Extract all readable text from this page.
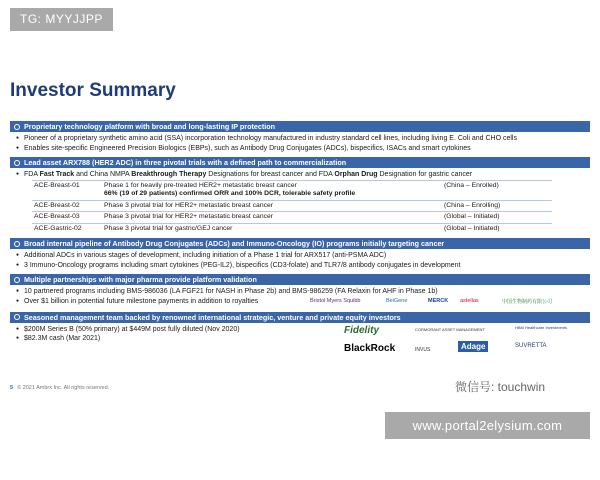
TG: MYYJJPP
Investor Summary
Proprietary technology platform with broad and long-lasting IP protection
● Pioneer of a proprietary synthetic amino acid (SSA) incorporation technology manufactured in industry standard cell lines, including living E. Coli and CHO cells
● Enables site-specific Engineered Precision Biologics (EBPs), such as Antibody Drug Conjugates (ADCs), bispecifics, ISACs and smart cytokines
Lead asset ARX788 (HER2 ADC) in three pivotal trials with a defined path to commercialization
● FDA Fast Track and China NMPA Breakthrough Therapy Designations for breast cancer and FDA Orphan Drug Designation for gastric cancer
ACE-Breast-01	Phase 1 for heavily pre-treated HER2+ metastatic breast cancer
66% (19 of 29 patients) confirmed ORR and 100% DCR, tolerable safety profile	(China – Enrolled)
ACE-Breast-02	Phase 3 pivotal trial for HER2+ metastatic breast cancer	(China – Enrolling)
ACE-Breast-03	Phase 3 pivotal trial for HER2+ metastatic breast cancer	(Global – Initiated)
ACE-Gastric-02	Phase 3 pivotal trial for gastric/GEJ cancer	(Global – Initiated)
Broad internal pipeline of Antibody Drug Conjugates (ADCs) and Immuno-Oncology (IO) programs initially targeting cancer
● Additional ADCs in various stages of development, including initiation of a Phase 1 trial for ARX517 (anti-PSMA ADC)
● 3 Immuno-Oncology programs including smart cytokines (PEG-IL2), bispecifics (CD3-folate) and TLR7/8 antibody conjugates in development
Multiple partnerships with major pharma provide platform validation
● 10 partnered programs including BMS-986036 (LA FGF21 for NASH in Phase 2b) and BMS-986259 (FA Relaxin for AHF in Phase 1b)
● Over $1 billion in potential future milestone payments in addition to royalties	Bristol Myers Squibb	BeiGene	MERCK astellas	中国生物制药有限公司
Seasoned management team backed by renowned international strategic, venture and private equity investors
● $200M Series B (50% primary) at $449M post fully diluted (Nov 2020)
● $82.3M cash (Mar 2021)
Fidelity	CORMORANT ASSET MANAGEMENT	HBM Healthcare Investments
BlackRock	INVUS	Adage	SUVRETTA
5 © 2021 Ambrx Inc. All rights reserved.	微信号: touchwin
www.portal2elysium.com
